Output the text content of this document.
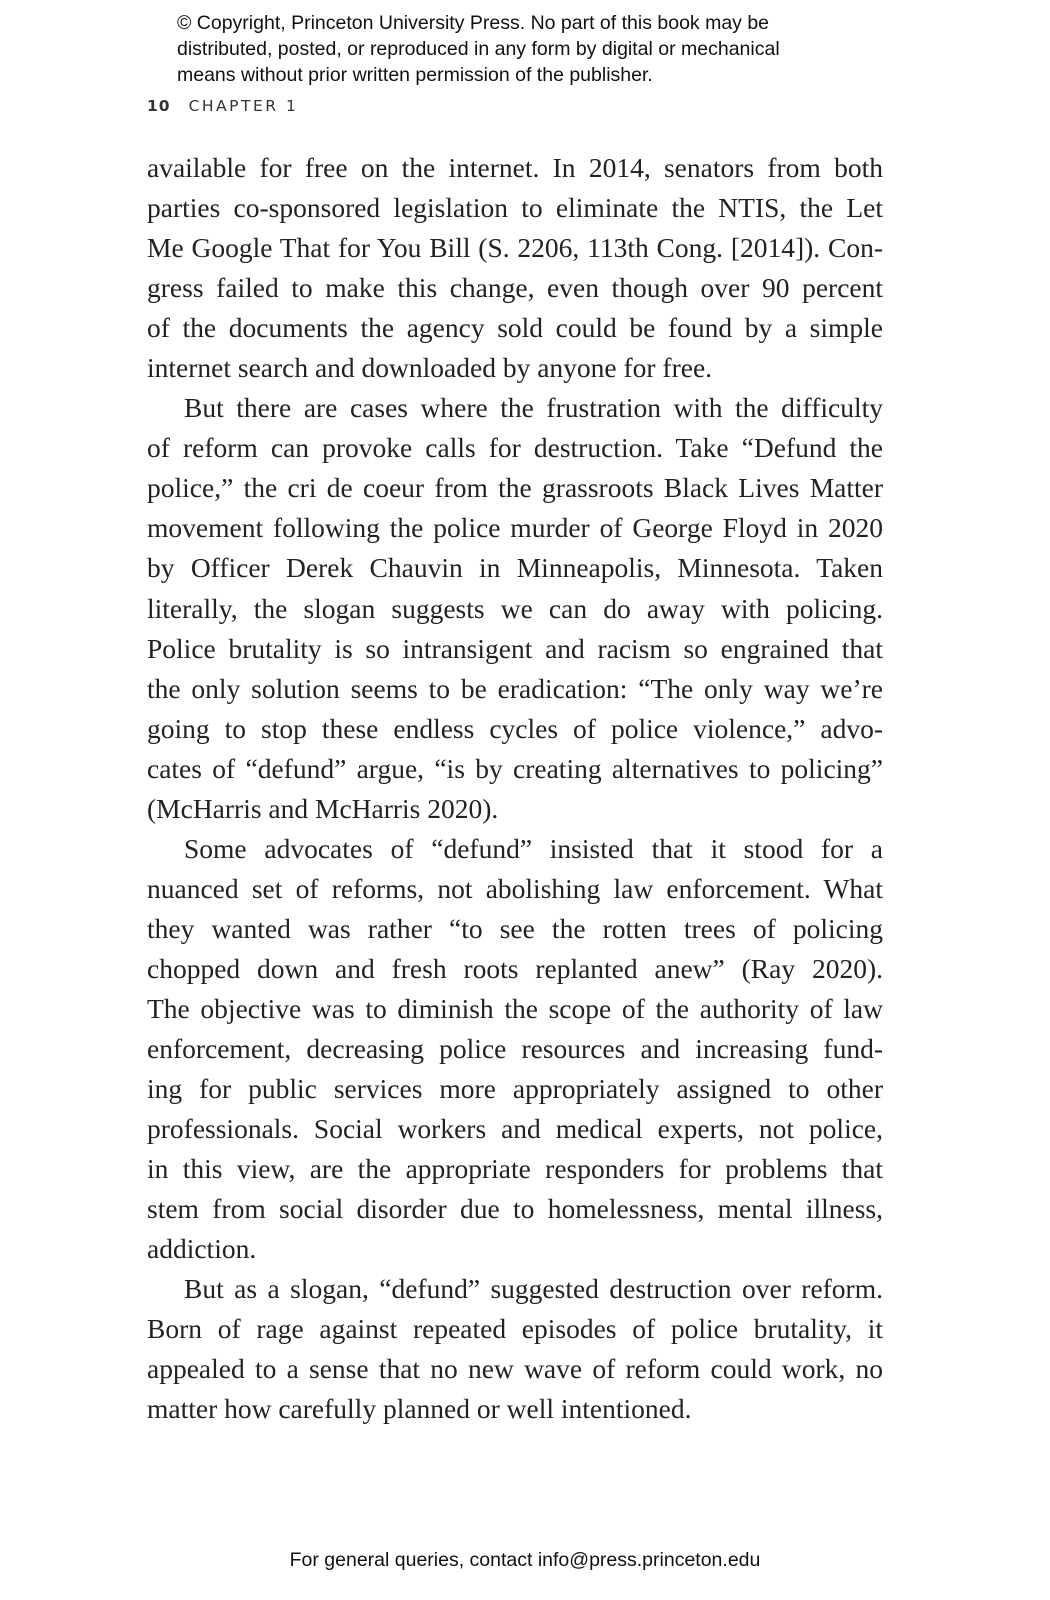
© Copyright, Princeton University Press. No part of this book may be
distributed, posted, or reproduced in any form by digital or mechanical
means without prior written permission of the publisher.
10 CHAPTER 1
available for free on the internet. In 2014, senators from both
parties co-sponsored legislation to eliminate the NTIS, the Let
Me Google That for You Bill (S. 2206, 113th Cong. [2014]). Con-
gress failed to make this change, even though over 90 percent
of the documents the agency sold could be found by a simple
internet search and downloaded by anyone for free.
But there are cases where the frustration with the difficulty
of reform can provoke calls for destruction. Take “Defund the
police,” the cri de coeur from the grassroots Black Lives Matter
movement following the police murder of George Floyd in 2020
by Officer Derek Chauvin in Minneapolis, Minnesota. Taken
literally, the slogan suggests we can do away with policing.
Police brutality is so intransigent and racism so engrained that
the only solution seems to be eradication: “The only way we’re
going to stop these endless cycles of police violence,” advo-
cates of “defund” argue, “is by creating alternatives to policing”
(McHarris and McHarris 2020).
Some advocates of “defund” insisted that it stood for a
nuanced set of reforms, not abolishing law enforcement. What
they wanted was rather “to see the rotten trees of policing
chopped down and fresh roots replanted anew” (Ray 2020).
The objective was to diminish the scope of the authority of law
enforcement, decreasing police resources and increasing fund-
ing for public services more appropriately assigned to other
professionals. Social workers and medical experts, not police,
in this view, are the appropriate responders for problems that
stem from social disorder due to homelessness, mental illness,
addiction.
But as a slogan, “defund” suggested destruction over reform.
Born of rage against repeated episodes of police brutality, it
appealed to a sense that no new wave of reform could work, no
matter how carefully planned or well intentioned.
For general queries, contact info@press.princeton.edu
